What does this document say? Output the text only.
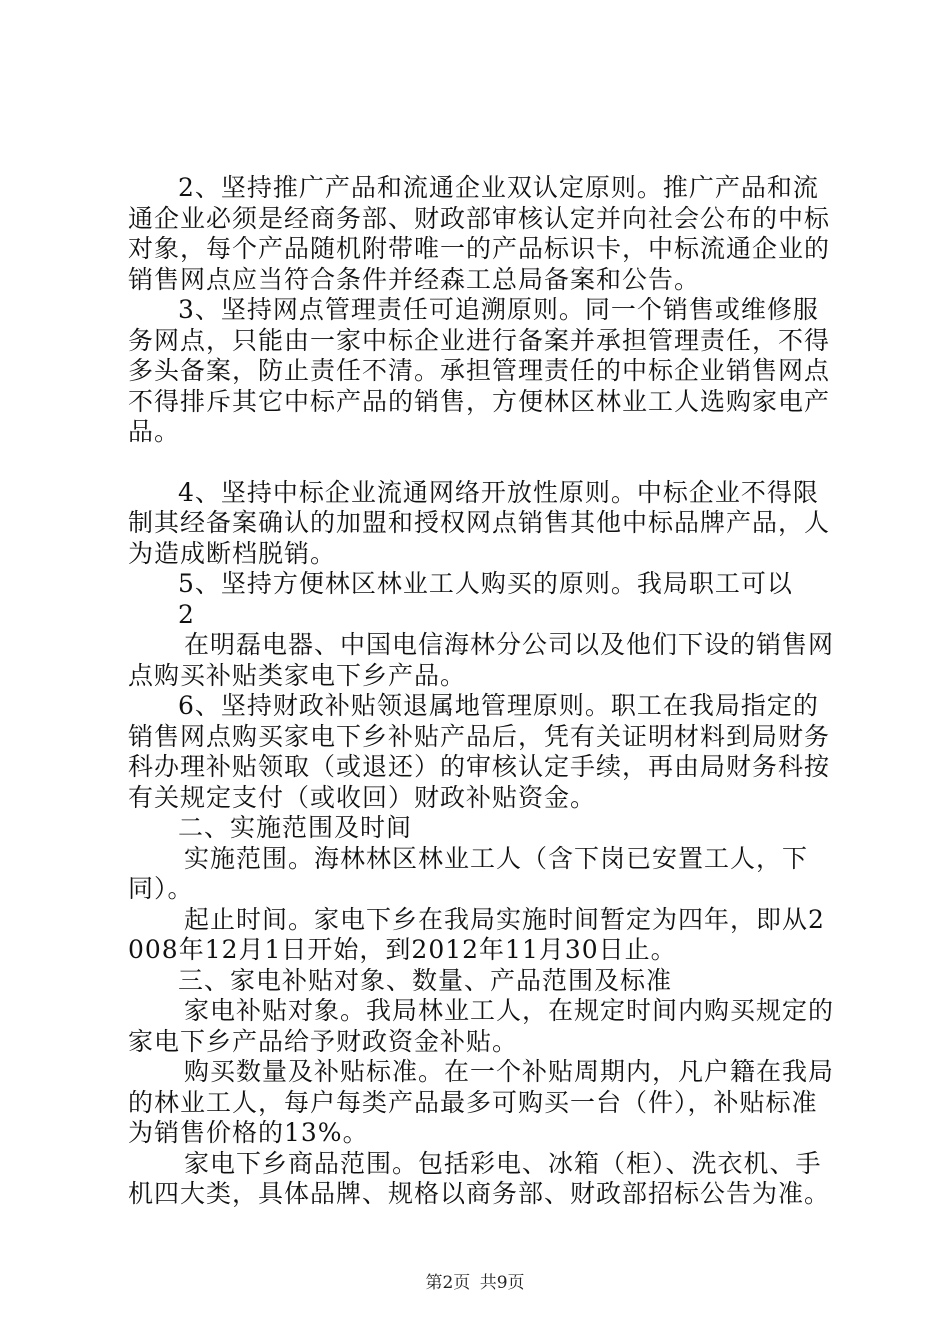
2、坚持推广产品和流通企业双认定原则。推广产品和流通企业必须是经商务部、财政部审核认定并向社会公布的中标对象，每个产品随机附带唯一的产品标识卡，中标流通企业的销售网点应当符合条件并经森工总局备案和公告。

3、坚持网点管理责任可追溯原则。同一个销售或维修服务网点，只能由一家中标企业进行备案并承担管理责任，不得多头备案，防止责任不清。承担管理责任的中标企业销售网点不得排斥其它中标产品的销售，方便林区林业工人选购家电产品。

4、坚持中标企业流通网络开放性原则。中标企业不得限制其经备案确认的加盟和授权网点销售其他中标品牌产品，人为造成断档脱销。

5、坚持方便林区林业工人购买的原则。我局职工可以

2

在明磊电器、中国电信海林分公司以及他们下设的销售网点购买补贴类家电下乡产品。

6、坚持财政补贴领退属地管理原则。职工在我局指定的销售网点购买家电下乡补贴产品后，凭有关证明材料到局财务科办理补贴领取（或退还）的审核认定手续，再由局财务科按有关规定支付（或收回）财政补贴资金。

二、实施范围及时间

实施范围。海林林区林业工人（含下岗已安置工人，下同）。

起止时间。家电下乡在我局实施时间暂定为四年，即从2008年12月1日开始，到2012年11月30日止。

三、家电补贴对象、数量、产品范围及标准

家电补贴对象。我局林业工人，在规定时间内购买规定的家电下乡产品给予财政资金补贴。

购买数量及补贴标准。在一个补贴周期内，凡户籍在我局的林业工人，每户每类产品最多可购买一台（件），补贴标准为销售价格的13%。

家电下乡商品范围。包括彩电、冰箱（柜）、洗衣机、手机四大类，具体品牌、规格以商务部、财政部招标公告为准。

第2页 共9页
